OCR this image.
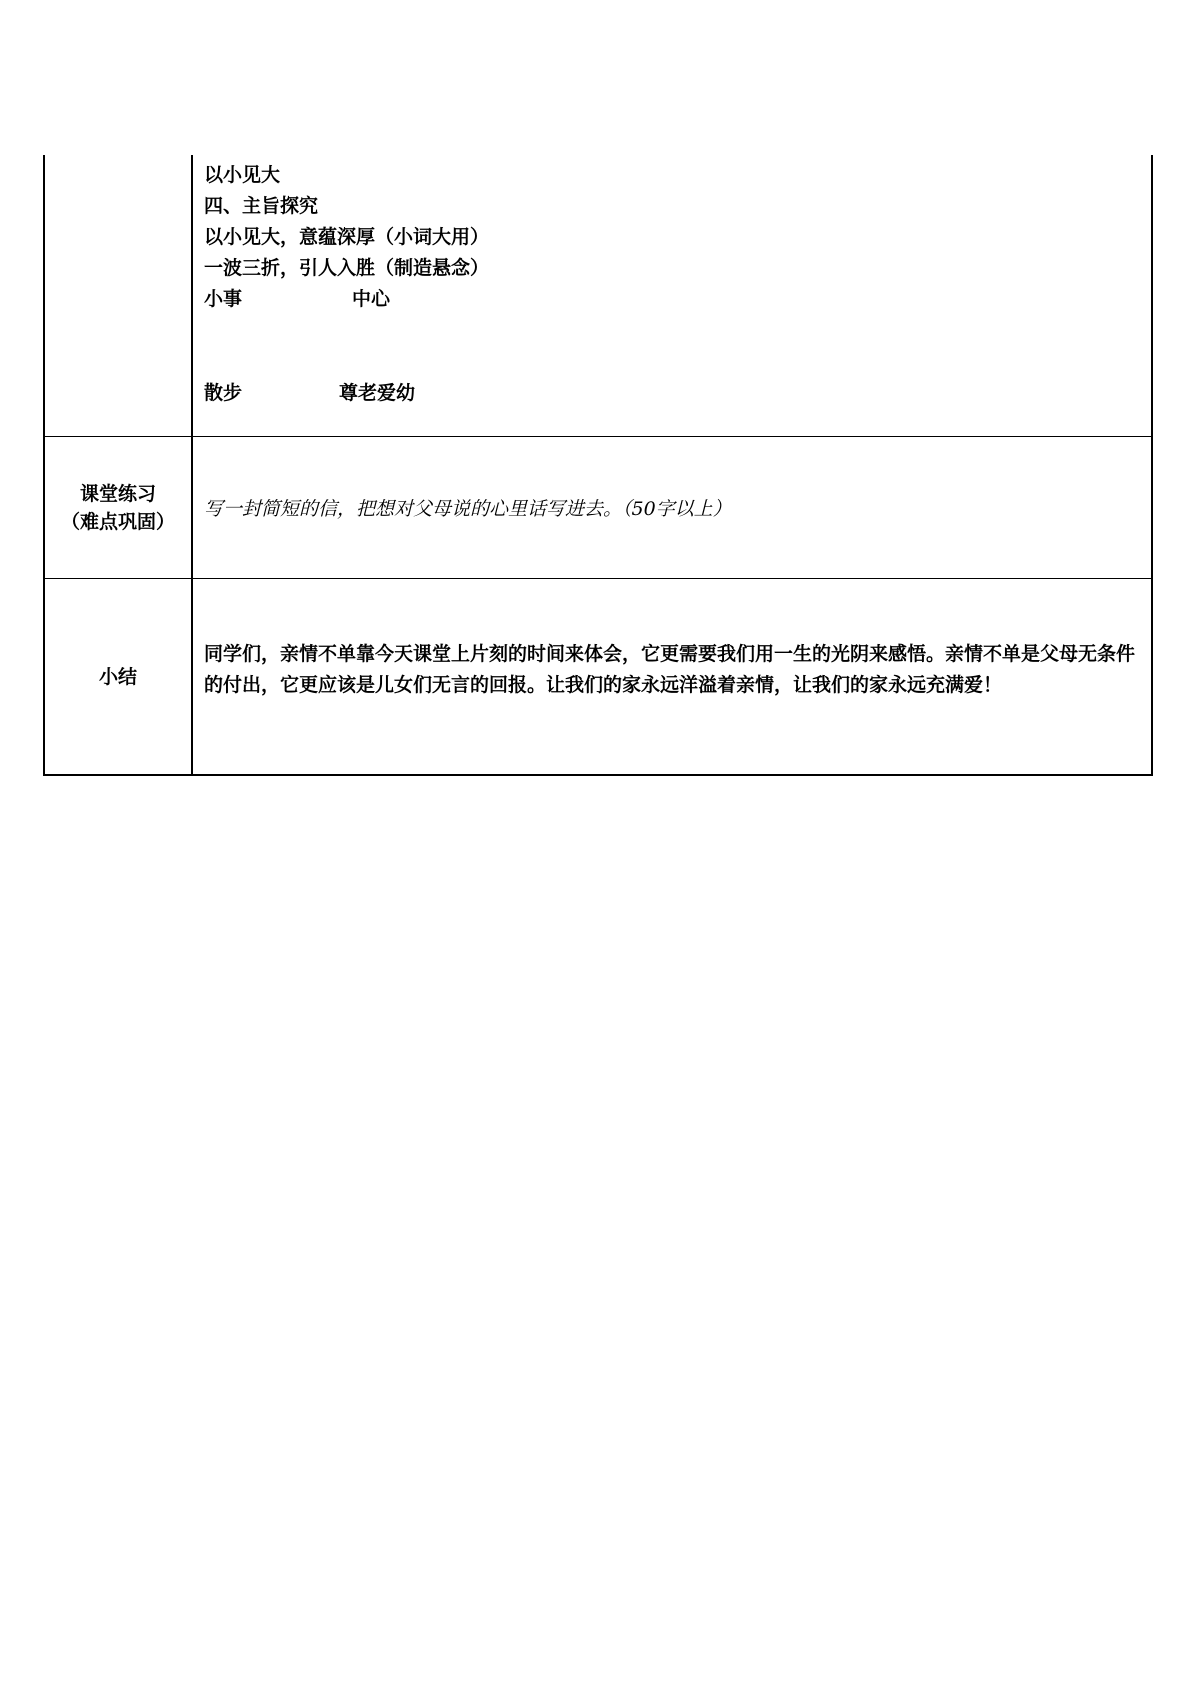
以小见大
四、主旨探究
以小见大，意蕴深厚（小词大用）
一波三折，引人入胜（制造悬念）
小事	中心
散步	尊老爱幼
课堂练习
（难点巩固）
写一封简短的信，把想对父母说的心里话写进去。（50字以上）
小结
同学们，亲情不单靠今天课堂上片刻的时间来体会，它更需要我们用一生的光阴来感悟。亲情不单是父母无条件的付出，它更应该是儿女们无言的回报。让我们的家永远洋溢着亲情，让我们的家永远充满爱！
